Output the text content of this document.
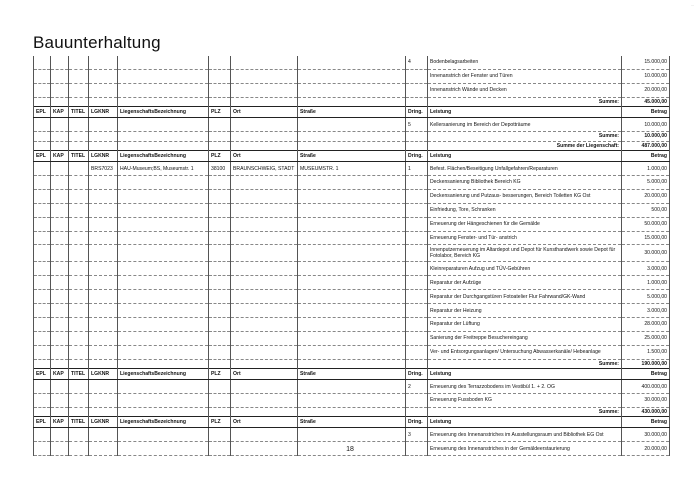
...
Bauunterhaltung
								4	Bodenbelagsarbeiten	15.000,00
									Innenanstrich der Fenster und Türen	10.000,00
									Innenanstrich Wände und Decken	20.000,00
									Summe:	45.000,00
EPL	KAP	TITEL	LGKNR	LiegenschaftsBezeichnung	PLZ	Ort	Straße	Dring.	Leistung	Betrag
								5	Kellersanierung im Bereich der Depotträume	10.000,00
									Summe:	10.000,00
									Summe der Liegenschaft:	487.000,00
EPL	KAP	TITEL	LGKNR	LiegenschaftsBezeichnung	PLZ	Ort	Straße	Dring.	Leistung	Betrag
			BRS7023	HAU-Museum;BS, Museumstr. 1	38100	BRAUNSCHWEIG, STADT	MUSEUMSTR. 1	1	Befest. Flächen/Beseitigung Unfallgefahren/Reparaturen	1.000,00
									Deckensanierung Bibliothek Bereich KG	5.000,00
									Deckensanierung und Putzaus- besserungen, Bereich Toiletten KG Ost	20.000,00
									Einfriedung, Tore, Schranken	500,00
									Erneuerung der Hängeschienen für die Gemälde	50.000,00
									Erneuerung Fenster- und Tür- anstrich	15.000,00
									Innenputzerneuerung im Altardepot und Depot für Kunsthandwerk sowie Depot für Fotolabor, Bereich KG	30.000,00
									Kleinreparaturen Aufzug und TÜV-Gebühren	3.000,00
									Reparatur der Aufzüge	1.000,00
									Reparatur der Durchgangstüren Fotoatelier Flur Fahrwand/GK-Wand	5.000,00
									Reparatur der Heizung	3.000,00
									Reparatur der Lüftung	28.000,00
									Sanierung der Freitreppe Besuchereingang	25.000,00
									Ver- und Entsorgungsanlagen/ Untersuchung Abwasserkanäle/ Hebeanlage	1.500,00
									Summe:	190.000,00
EPL	KAP	TITEL	LGKNR	LiegenschaftsBezeichnung	PLZ	Ort	Straße	Dring.	Leistung	Betrag
								2	Erneuerung des Terrazzobodens im Vestibül 1. + 2. OG	400.000,00
									Erneuerung Fussboden KG	30.000,00
									Summe:	430.000,00
EPL	KAP	TITEL	LGKNR	LiegenschaftsBezeichnung	PLZ	Ort	Straße	Dring.	Leistung	Betrag
								3	Erneuerung des Innenanstriches im Ausstellungsraum und Bibliothek EG Ost	30.000,00
									Erneuerung des Innenanstriches in der Gemäldeerstaurierung	20.000,00
18
